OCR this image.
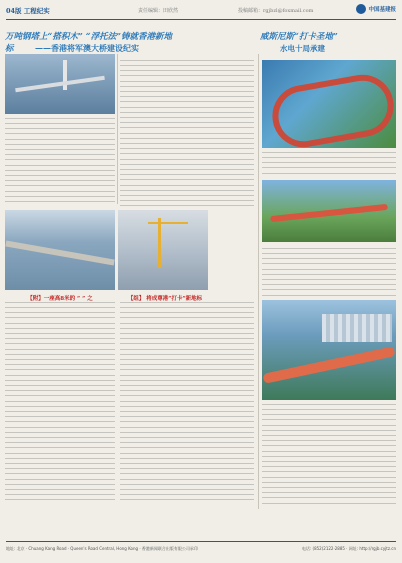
04版 工程纪实	责任编辑：田欣然	投稿邮箱：rgjbzl@foxmail.com	中国基建报
万吨钢塔上“搭积木” “浮托法”铸就香港新地标	——香港将军澳大桥建设纪实
威斯尼斯“打卡圣地”
水电十局承建
【附】一座高8米的 “ ” 之	【组】 将成尊港“打卡”新地标
地址: 北京 · Chuang Kang Road · Queen's Road Central, Hong Kong · 香港新闻联合出版有限公司承印	电话: (852)2122·2885 · 网址: http://rgjb.cyjtz.cn
